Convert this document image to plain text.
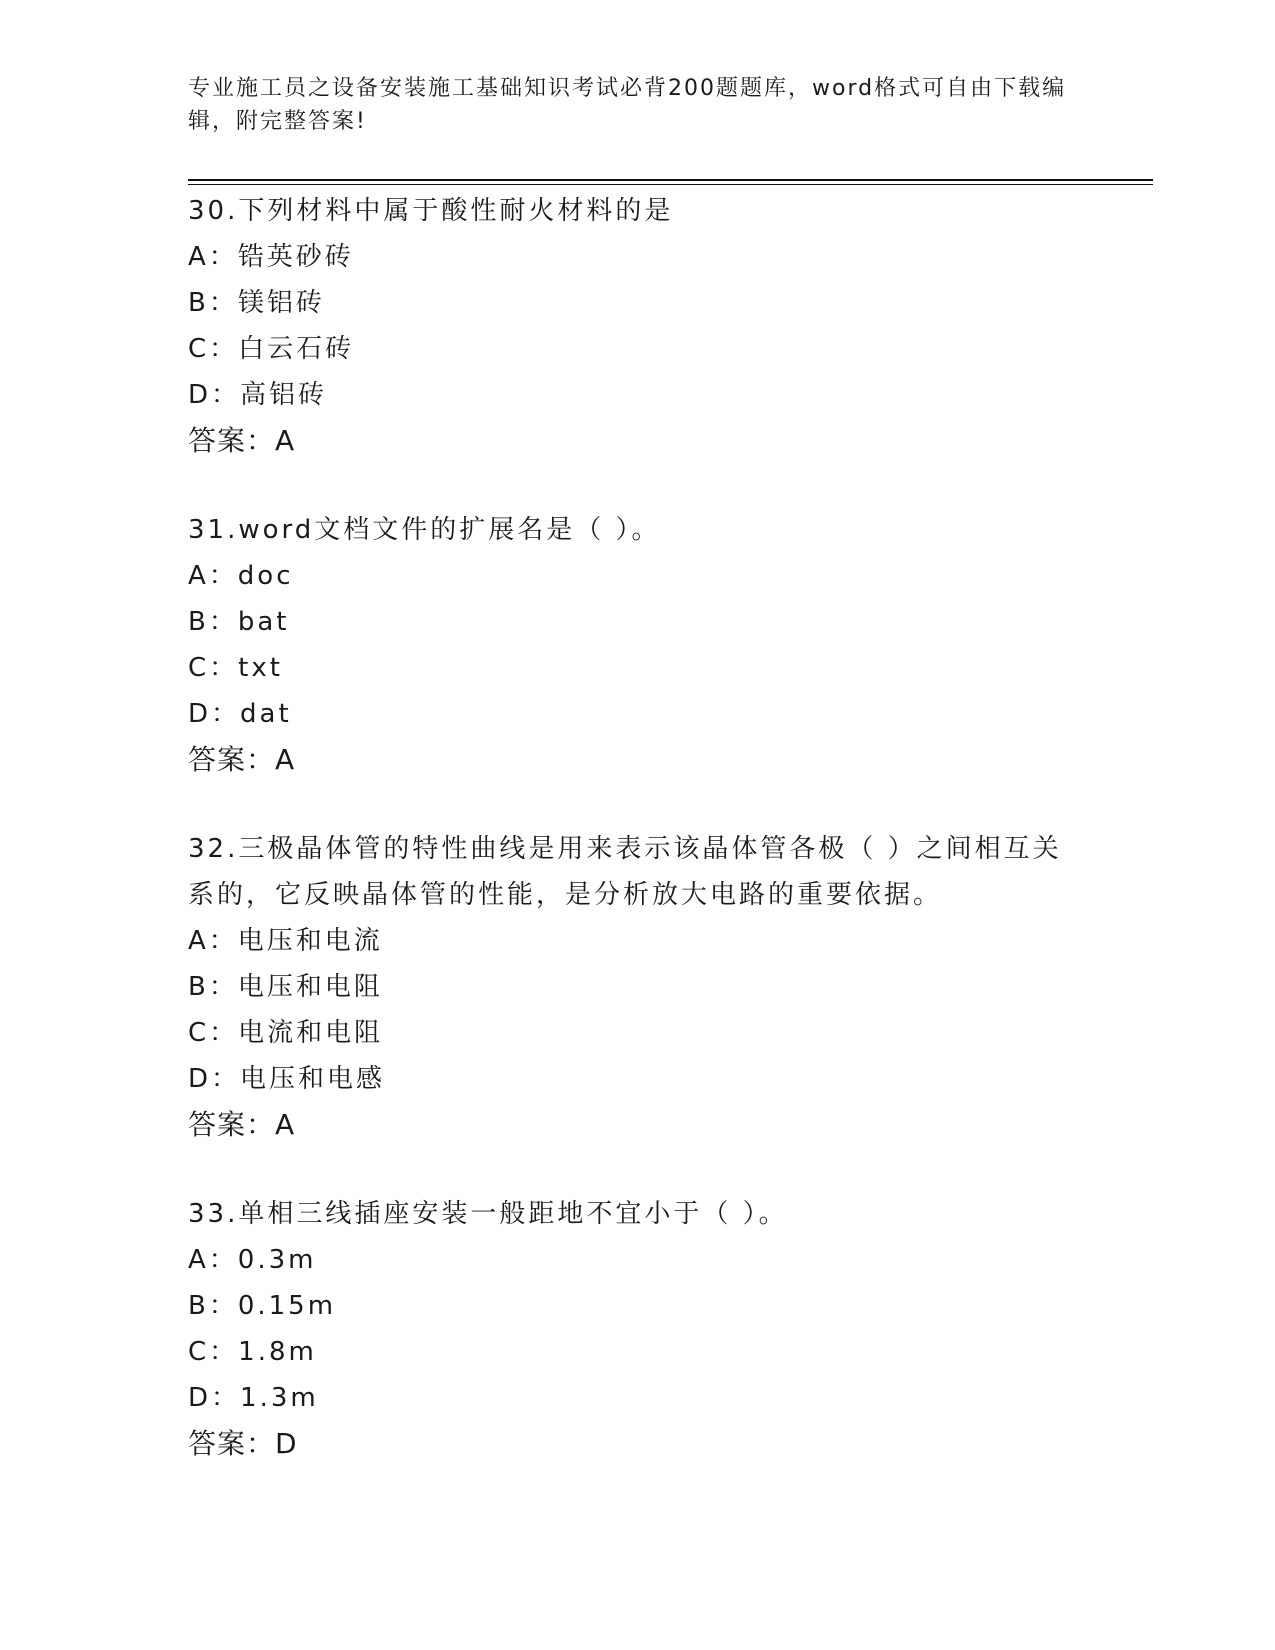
专业施工员之设备安装施工基础知识考试必背200题题库，word格式可自由下载编辑，附完整答案!
30.下列材料中属于酸性耐火材料的是
A：锆英砂砖
B：镁铝砖
C：白云石砖
D：高铝砖
答案：A
31.word文档文件的扩展名是（ ）。
A：doc
B：bat
C：txt
D：dat
答案：A
32.三极晶体管的特性曲线是用来表示该晶体管各极（ ）之间相互关系的，它反映晶体管的性能，是分析放大电路的重要依据。
A：电压和电流
B：电压和电阻
C：电流和电阻
D：电压和电感
答案：A
33.单相三线插座安装一般距地不宜小于（ ）。
A：0.3m
B：0.15m
C：1.8m
D：1.3m
答案：D
